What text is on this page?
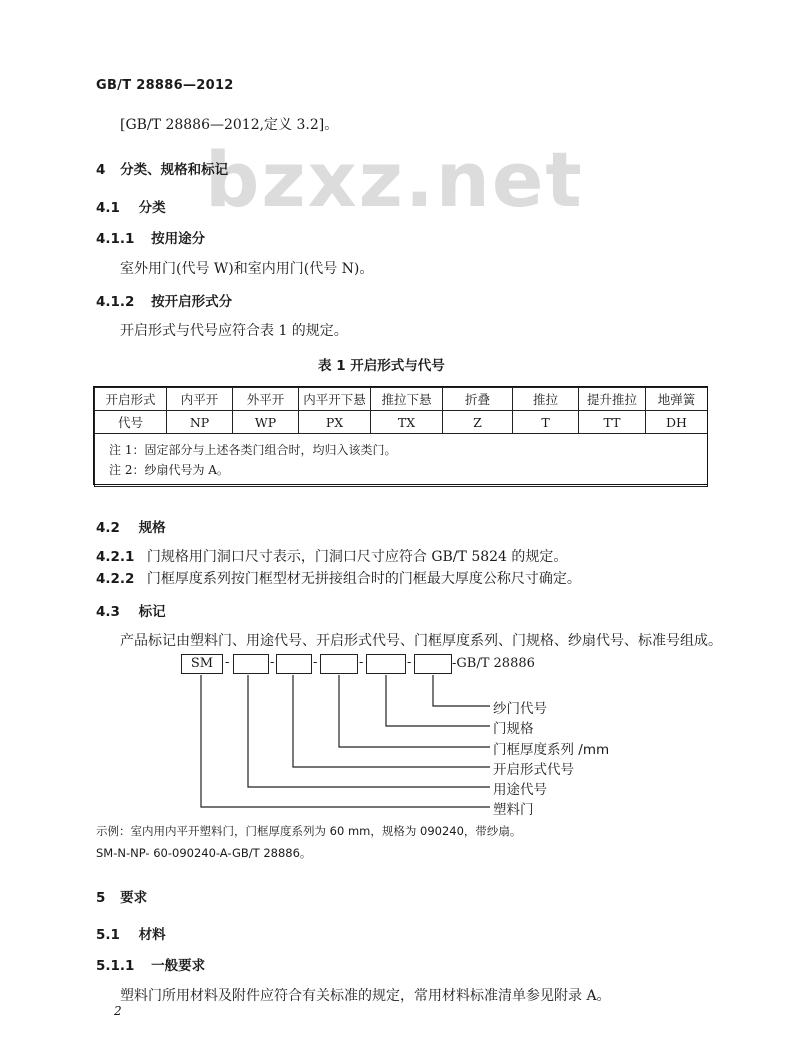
GB/T 28886—2012
[GB/T 28886—2012,定义 3.2]。
bzxz.net
4 分类、规格和标记
4.1 分类
4.1.1 按用途分
室外用门(代号 W)和室内用门(代号 N)。
4.1.2 按开启形式分
开启形式与代号应符合表 1 的规定。
表 1 开启形式与代号
开启形式	内平开	外平开	内平开下悬	推拉下悬	折叠	推拉	提升推拉	地弹簧
代号	NP	WP	PX	TX	Z	T	TT	DH

注 1：固定部分与上述各类门组合时，均归入该类门。
注 2：纱扇代号为 A。								
4.2 规格
4.2.1 门规格用门洞口尺寸表示，门洞口尺寸应符合 GB/T 5824 的规定。
4.2.2 门框厚度系列按门框型材无拼接组合时的门框最大厚度公称尺寸确定。
4.3 标记
产品标记由塑料门、用途代号、开启形式代号、门框厚度系列、门规格、纱扇代号、标准号组成。
SM -	-	-	-	-	-GB/T 28886
纱门代号
门规格
门框厚度系列 /mm
开启形式代号
用途代号
塑料门
示例：室内用内平开塑料门，门框厚度系列为 60 mm，规格为 090240，带纱扇。
SM-N-NP- 60-090240-A-GB/T 28886。
5 要求
5.1 材料
5.1.1 一般要求
塑料门所用材料及附件应符合有关标准的规定，常用材料标准清单参见附录 A。
2
